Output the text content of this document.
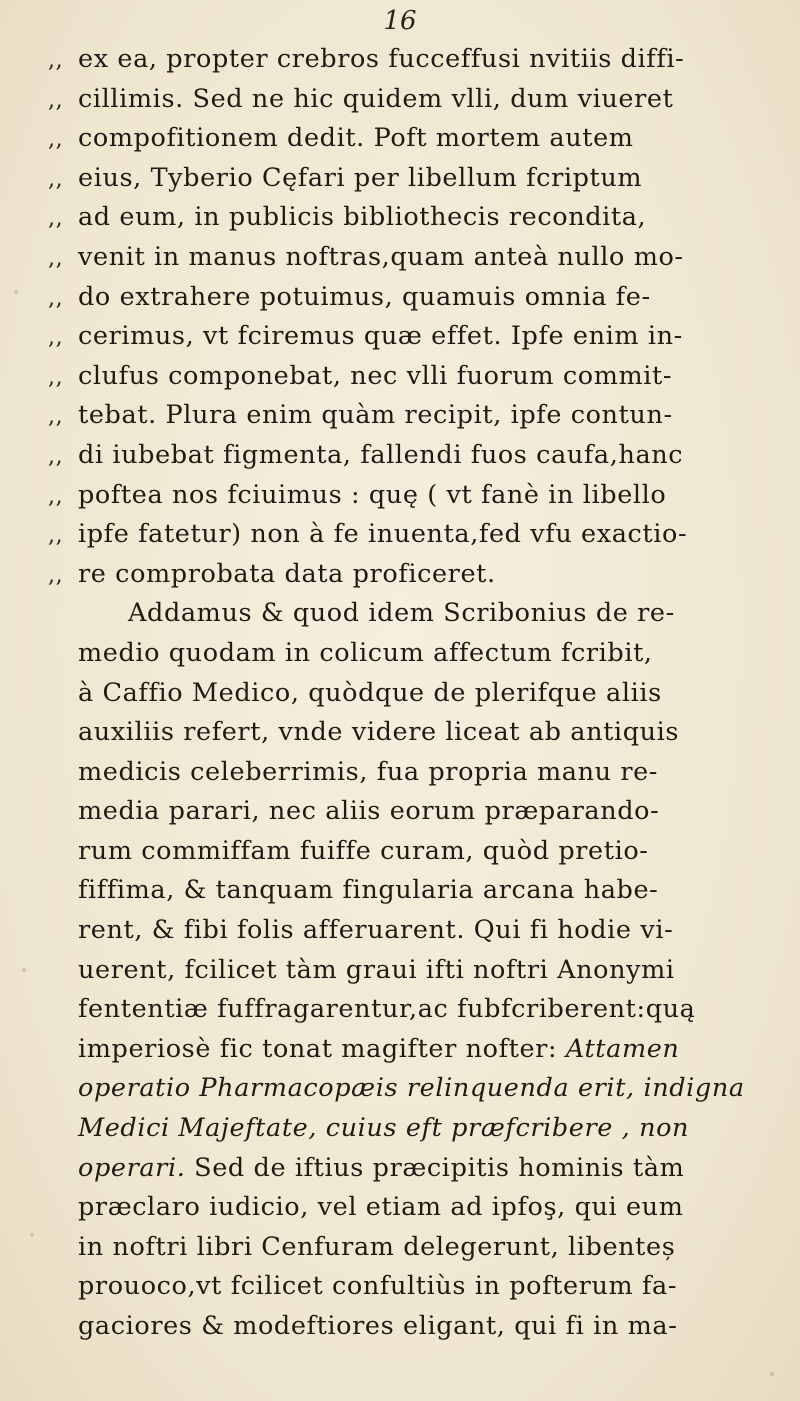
16
,, ex ea, propter crebros fucceffusi nvitiis diffi-
,, cillimis. Sed ne hic quidem vlli, dum viueret
,, compofitionem dedit. Poft mortem autem
,, eius, Tyberio Cęfari per libellum fcriptum
,, ad eum, in publicis bibliothecis recondita,
,, venit in manus noftras,quam anteà nullo mo-
,, do extrahere potuimus, quamuis omnia fe-
,, cerimus, vt fciremus quæ effet. Ipfe enim in-
,, clufus componebat, nec vlli fuorum commit-
,, tebat. Plura enim quàm recipit, ipfe contun-
,, di iubebat figmenta, fallendi fuos caufa,hanc
,, poftea nos fciuimus : quę ( vt fanè in libello
,, ipfe fatetur) non à fe inuenta,fed vfu exactio-
,, re comprobata data proficeret.
Addamus & quod idem Scribonius de re-
medio quodam in colicum affectum fcribit,
à Caffio Medico, quòdque de plerifque aliis
auxiliis refert, vnde videre liceat ab antiquis
medicis celeberrimis, fua propria manu re-
media parari, nec aliis eorum præparando-
rum commiffam fuiffe curam, quòd pretio-
fiffima, & tanquam fingularia arcana habe-
rent, & fibi folis afferuarent. Qui fi hodie vi-
uerent, fcilicet tàm graui ifti noftri Anonymi
fententiæ fuffragarentur,ac fubfcriberent:quą
imperiosè fic tonat magifter nofter: Attamen
operatio Pharmacopæis relinquenda erit, indigna
Medici Majeftate, cuius eft præfcribere , non
operari. Sed de iftius præcipitis hominis tàm
præclaro iudicio, vel etiam ad ipfoş, qui eum
in noftri libri Cenfuram delegerunt, libenteș
prouoco,vt fcilicet confultiùs in pofterum fa-
gaciores & modeftiores eligant, qui fi in ma-
